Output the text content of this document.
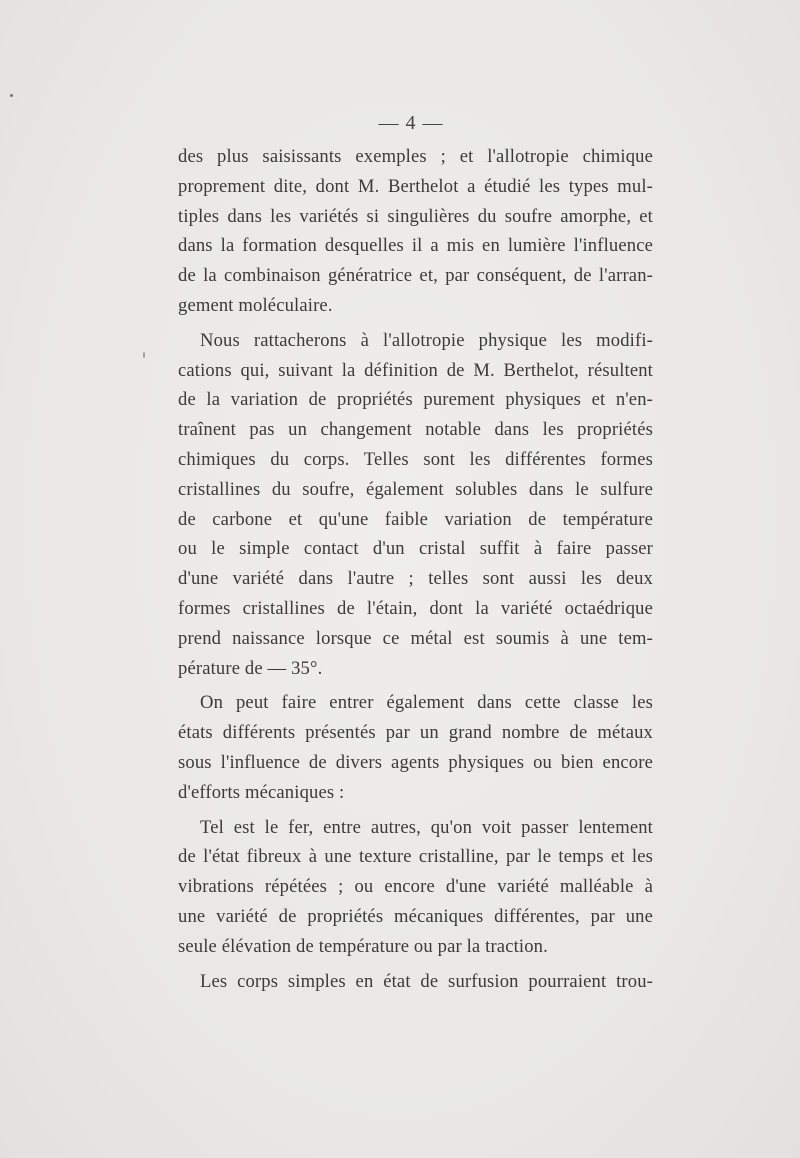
— 4 —
des plus saisissants exemples ; et l'allotropie chimique
proprement dite, dont M. Berthelot a étudié les types mul-
tiples dans les variétés si singulières du soufre amorphe, et
dans la formation desquelles il a mis en lumière l'influence
de la combinaison génératrice et, par conséquent, de l'arran-
gement moléculaire.
Nous rattacherons à l'allotropie physique les modifi-
cations qui, suivant la définition de M. Berthelot, résultent
de la variation de propriétés purement physiques et n'en-
traînent pas un changement notable dans les propriétés
chimiques du corps. Telles sont les différentes formes
cristallines du soufre, également solubles dans le sulfure
de carbone et qu'une faible variation de température
ou le simple contact d'un cristal suffit à faire passer
d'une variété dans l'autre ; telles sont aussi les deux
formes cristallines de l'étain, dont la variété octaédrique
prend naissance lorsque ce métal est soumis à une tem-
pérature de — 35°.
On peut faire entrer également dans cette classe les
états différents présentés par un grand nombre de métaux
sous l'influence de divers agents physiques ou bien encore
d'efforts mécaniques :
Tel est le fer, entre autres, qu'on voit passer lentement
de l'état fibreux à une texture cristalline, par le temps et les
vibrations répétées ; ou encore d'une variété malléable à
une variété de propriétés mécaniques différentes, par une
seule élévation de température ou par la traction.
Les corps simples en état de surfusion pourraient trou-
